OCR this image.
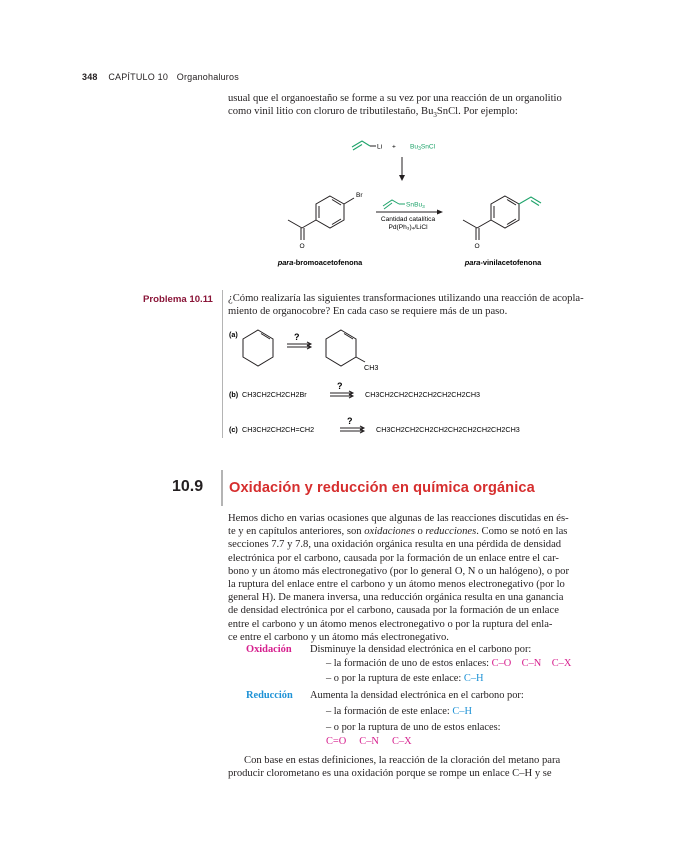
348 CAPÍTULO 10 Organohaluros
usual que el organoestaño se forme a su vez por una reacción de un organolitio
como vinil litio con cloruro de tributilestaño, $Bu_3SnCl$. Por ejemplo:
$Li + Bu_3SnCl$
Br
O
SnBu$_3$
Cantidad catalítica
Pd(Ph₃)₄/LiCl
O
para-bromoacetofenona	para-vinilacetofenona
Problema 10.11 ¿Cómo realizaría las siguientes transformaciones utilizando una reacción de acopla-
miento de organocobre? En cada caso se requiere más de un paso.
(a)	?
CH3
(b) CH3CH2CH2CH2Br
?
CH3CH2CH2CH2CH2CH2CH2CH3
(c) CH3CH2CH2CH=CH2
?
CH3CH2CH2CH2CH2CH2CH2CH2CH2CH3
10.9 Oxidación y reducción en química orgánica
Hemos dicho en varias ocasiones que algunas de las reacciones discutidas en és-
te y en capítulos anteriores, son oxidaciones o reducciones. Como se notó en las
secciones 7.7 y 7.8, una oxidación orgánica resulta en una pérdida de densidad
electrónica por el carbono, causada por la formación de un enlace entre el car-
bono y un átomo más electronegativo (por lo general O, N o un halógeno), o por
la ruptura del enlace entre el carbono y un átomo menos electronegativo (por lo
general H). De manera inversa, una reducción orgánica resulta en una ganancia
de densidad electrónica por el carbono, causada por la formación de un enlace
entre el carbono y un átomo menos electronegativo o por la ruptura del enla-
ce entre el carbono y un átomo más electronegativo.
Oxidación Disminuye la densidad electrónica en el carbono por:
– la formación de uno de estos enlaces: C–O C–N C–X
– o por la ruptura de este enlace: C–H
Reducción Aumenta la densidad electrónica en el carbono por:
– la formación de este enlace: C–H
– o por la ruptura de uno de estos enlaces:
C=O C–N C–X
Con base en estas definiciones, la reacción de la cloración del metano para
producir clorometano es una oxidación porque se rompe un enlace C–H y se
